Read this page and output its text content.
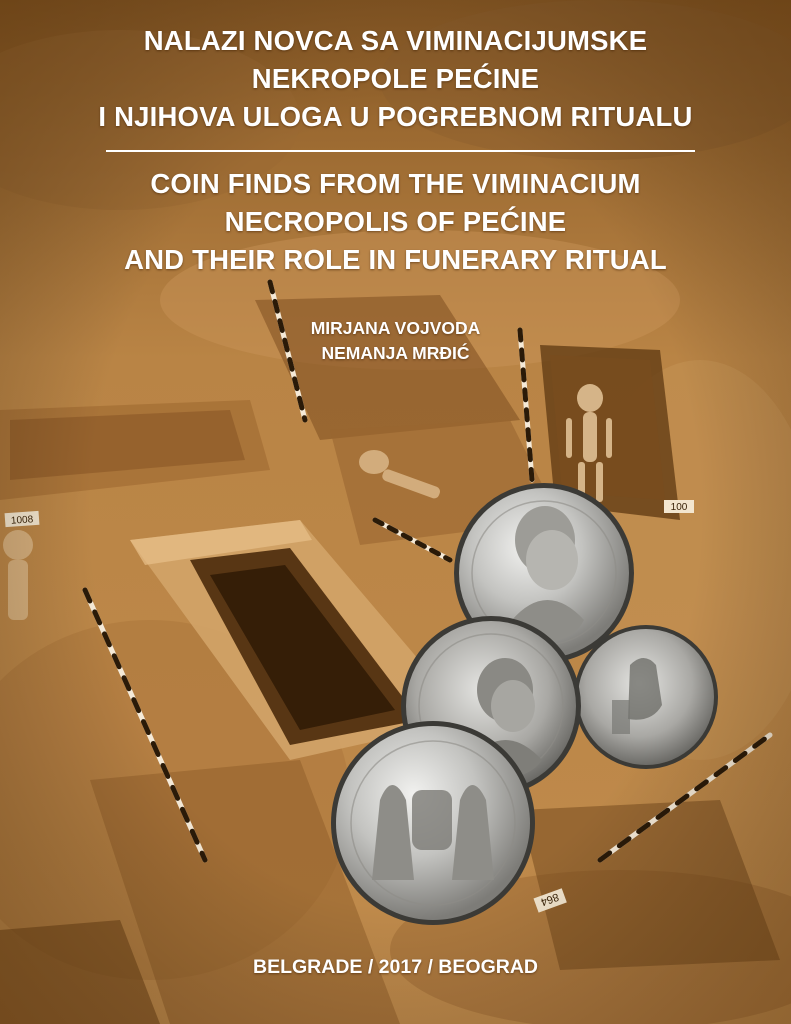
NALAZI NOVCA SA VIMINACIJUMSKE
NEKROPOLE PEĆINE
I NJIHOVA ULOGA U POGREBNOM RITUALU
COIN FINDS FROM THE VIMINACIUM
NECROPOLIS OF PEĆINE
AND THEIR ROLE IN FUNERARY RITUAL
MIRJANA VOJVODA
NEMANJA MRĐIĆ
BELGRADE / 2017 / BEOGRAD
